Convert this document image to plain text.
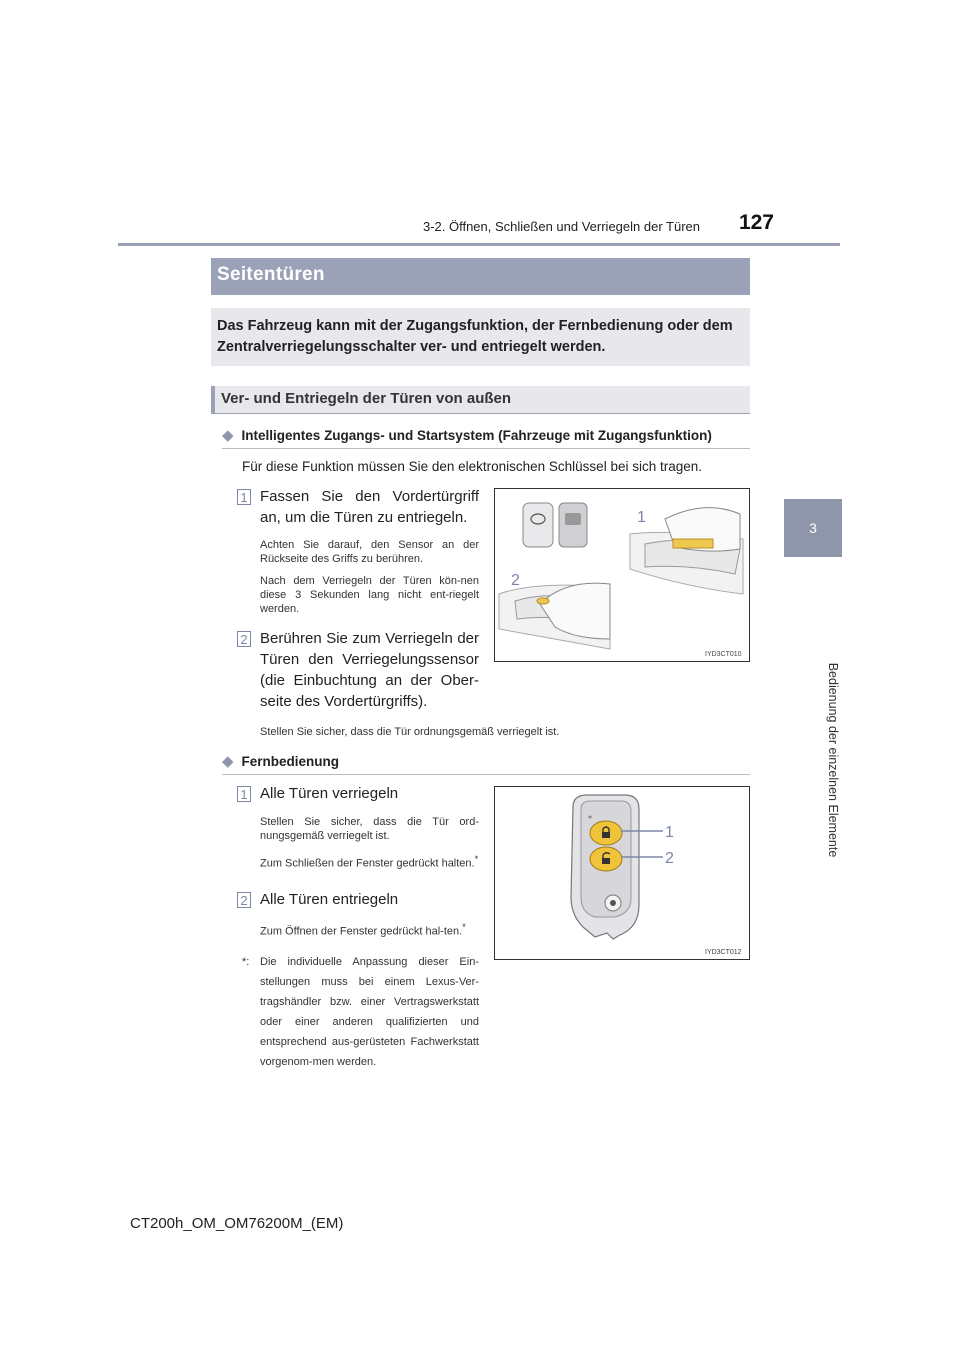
3-2. Öffnen, Schließen und Verriegeln der Türen	127
3
Bedienung der einzelnen Elemente
Seitentüren
Das Fahrzeug kann mit der Zugangsfunktion, der Fernbedienung oder dem Zentralverriegelungsschalter ver- und entriegelt werden.
Ver- und Entriegeln der Türen von außen
◆ Intelligentes Zugangs- und Startsystem (Fahrzeuge mit Zugangsfunktion)
Für diese Funktion müssen Sie den elektronischen Schlüssel bei sich tragen.
1 Fassen Sie den Vordertürgriff an, um die Türen zu entriegeln.
Achten Sie darauf, den Sensor an der Rückseite des Griffs zu berühren.
Nach dem Verriegeln der Türen kön-nen diese 3 Sekunden lang nicht ent-riegelt werden.
2 Berühren Sie zum Verriegeln der Türen den Verriegelungssensor (die Einbuchtung an der Ober-seite des Vordertürgriffs).
Stellen Sie sicher, dass die Tür ordnungsgemäß verriegelt ist.
1
2
IYD3CT010
◆ Fernbedienung
1 Alle Türen verriegeln
Stellen Sie sicher, dass die Tür ord-nungsgemäß verriegelt ist.
Zum Schließen der Fenster gedrückt halten.*
2 Alle Türen entriegeln
Zum Öffnen der Fenster gedrückt hal-ten.*
*: Die individuelle Anpassung dieser Ein-stellungen muss bei einem Lexus-Ver-tragshändler bzw. einer Vertragswerkstatt oder einer anderen qualifizierten und entsprechend aus-gerüsteten Fachwerkstatt vorgenom-men werden.
1
2
IYD3CT012
CT200h_OM_OM76200M_(EM)
